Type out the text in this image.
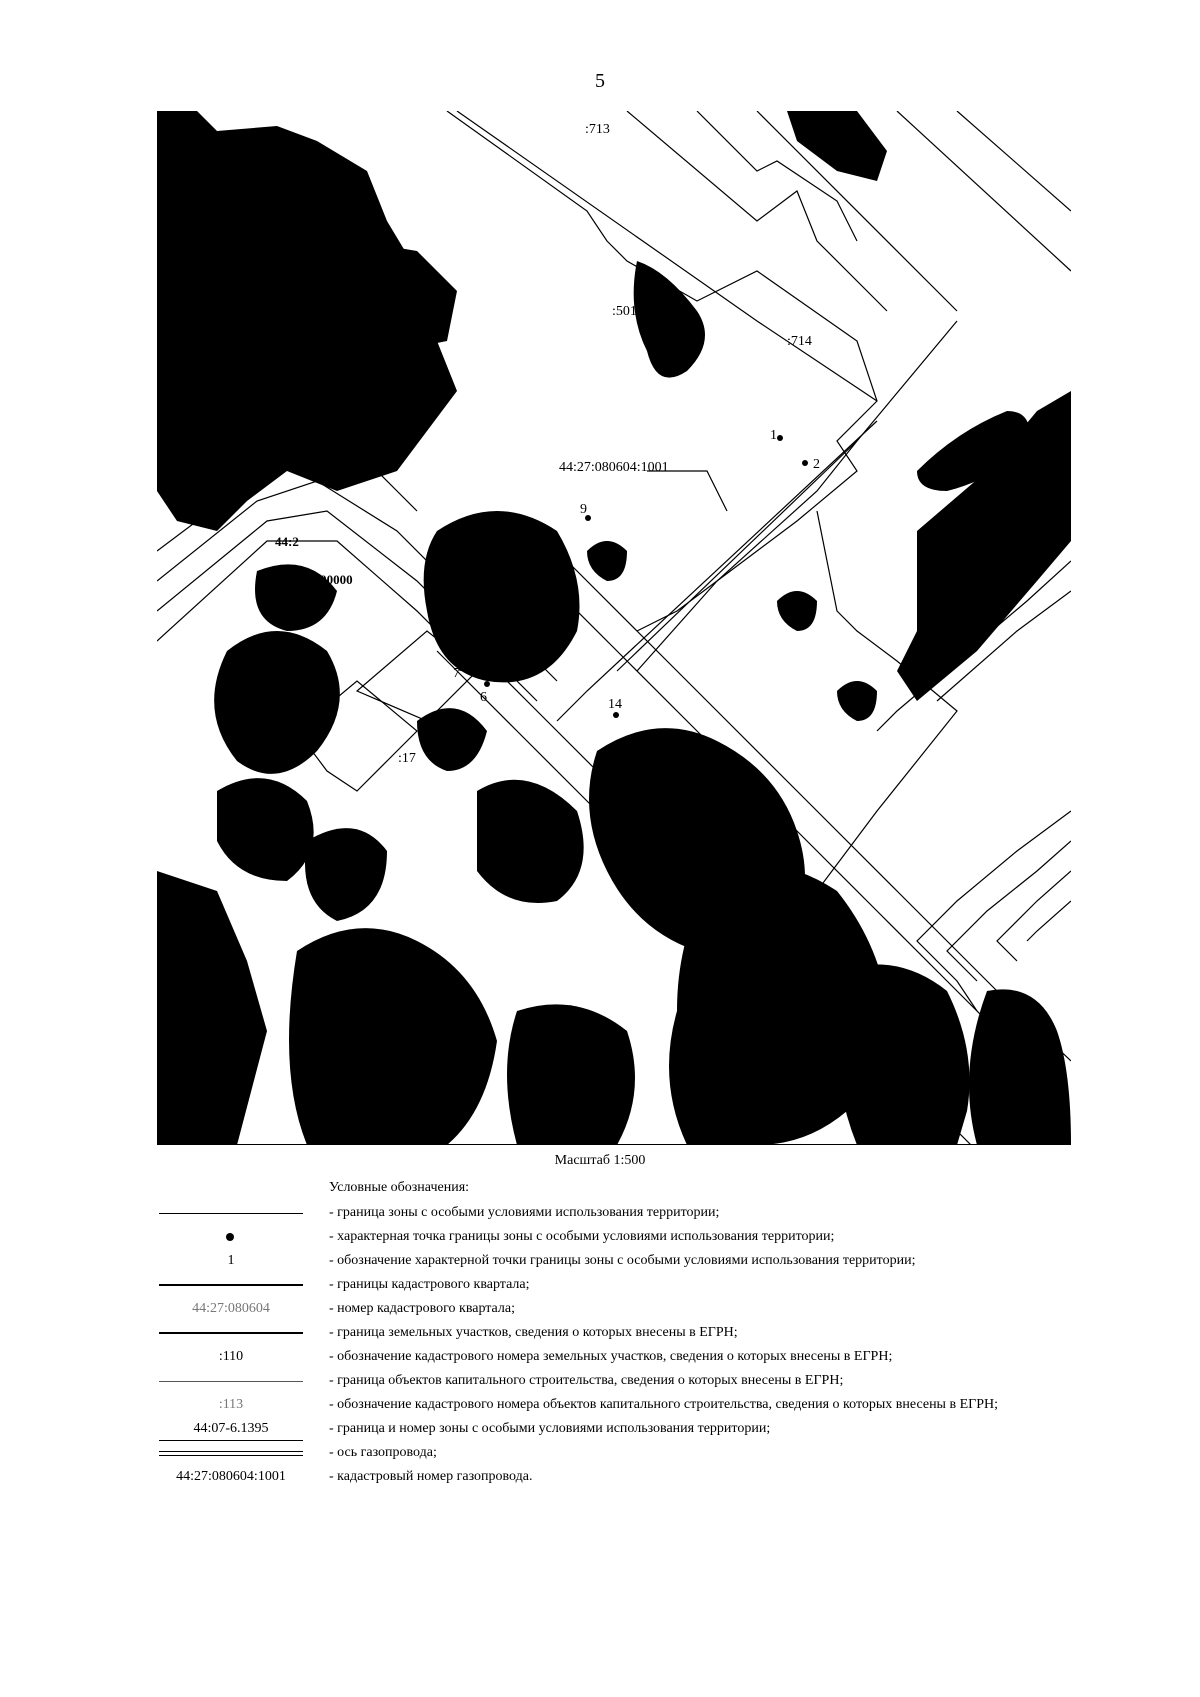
5
:713
:501
:714
:17
44:27-6.79
44:27-6.64
44:27:080604:1001
44:2
44:27:000000
1
2
9
7
6	14
Масштаб 1:500
Условные обозначения:
- граница зоны с особыми условиями использования территории;
- характерная точка границы зоны с особыми условиями использования территории;
1	- обозначение характерной точки границы зоны с особыми условиями использования территории;
- границы кадастрового квартала;
44:27:080604	- номер кадастрового квартала;
- граница земельных участков, сведения о которых внесены в ЕГРН;
:110	- обозначение кадастрового номера земельных участков, сведения о которых внесены в ЕГРН;
- граница объектов капитального строительства, сведения о которых внесены в ЕГРН;
:113	- обозначение кадастрового номера объектов капитального строительства, сведения о которых внесены в ЕГРН;
44:07-6.1395	- граница и номер зоны с особыми условиями использования территории;
- ось газопровода;
44:27:080604:1001	- кадастровый номер газопровода.
